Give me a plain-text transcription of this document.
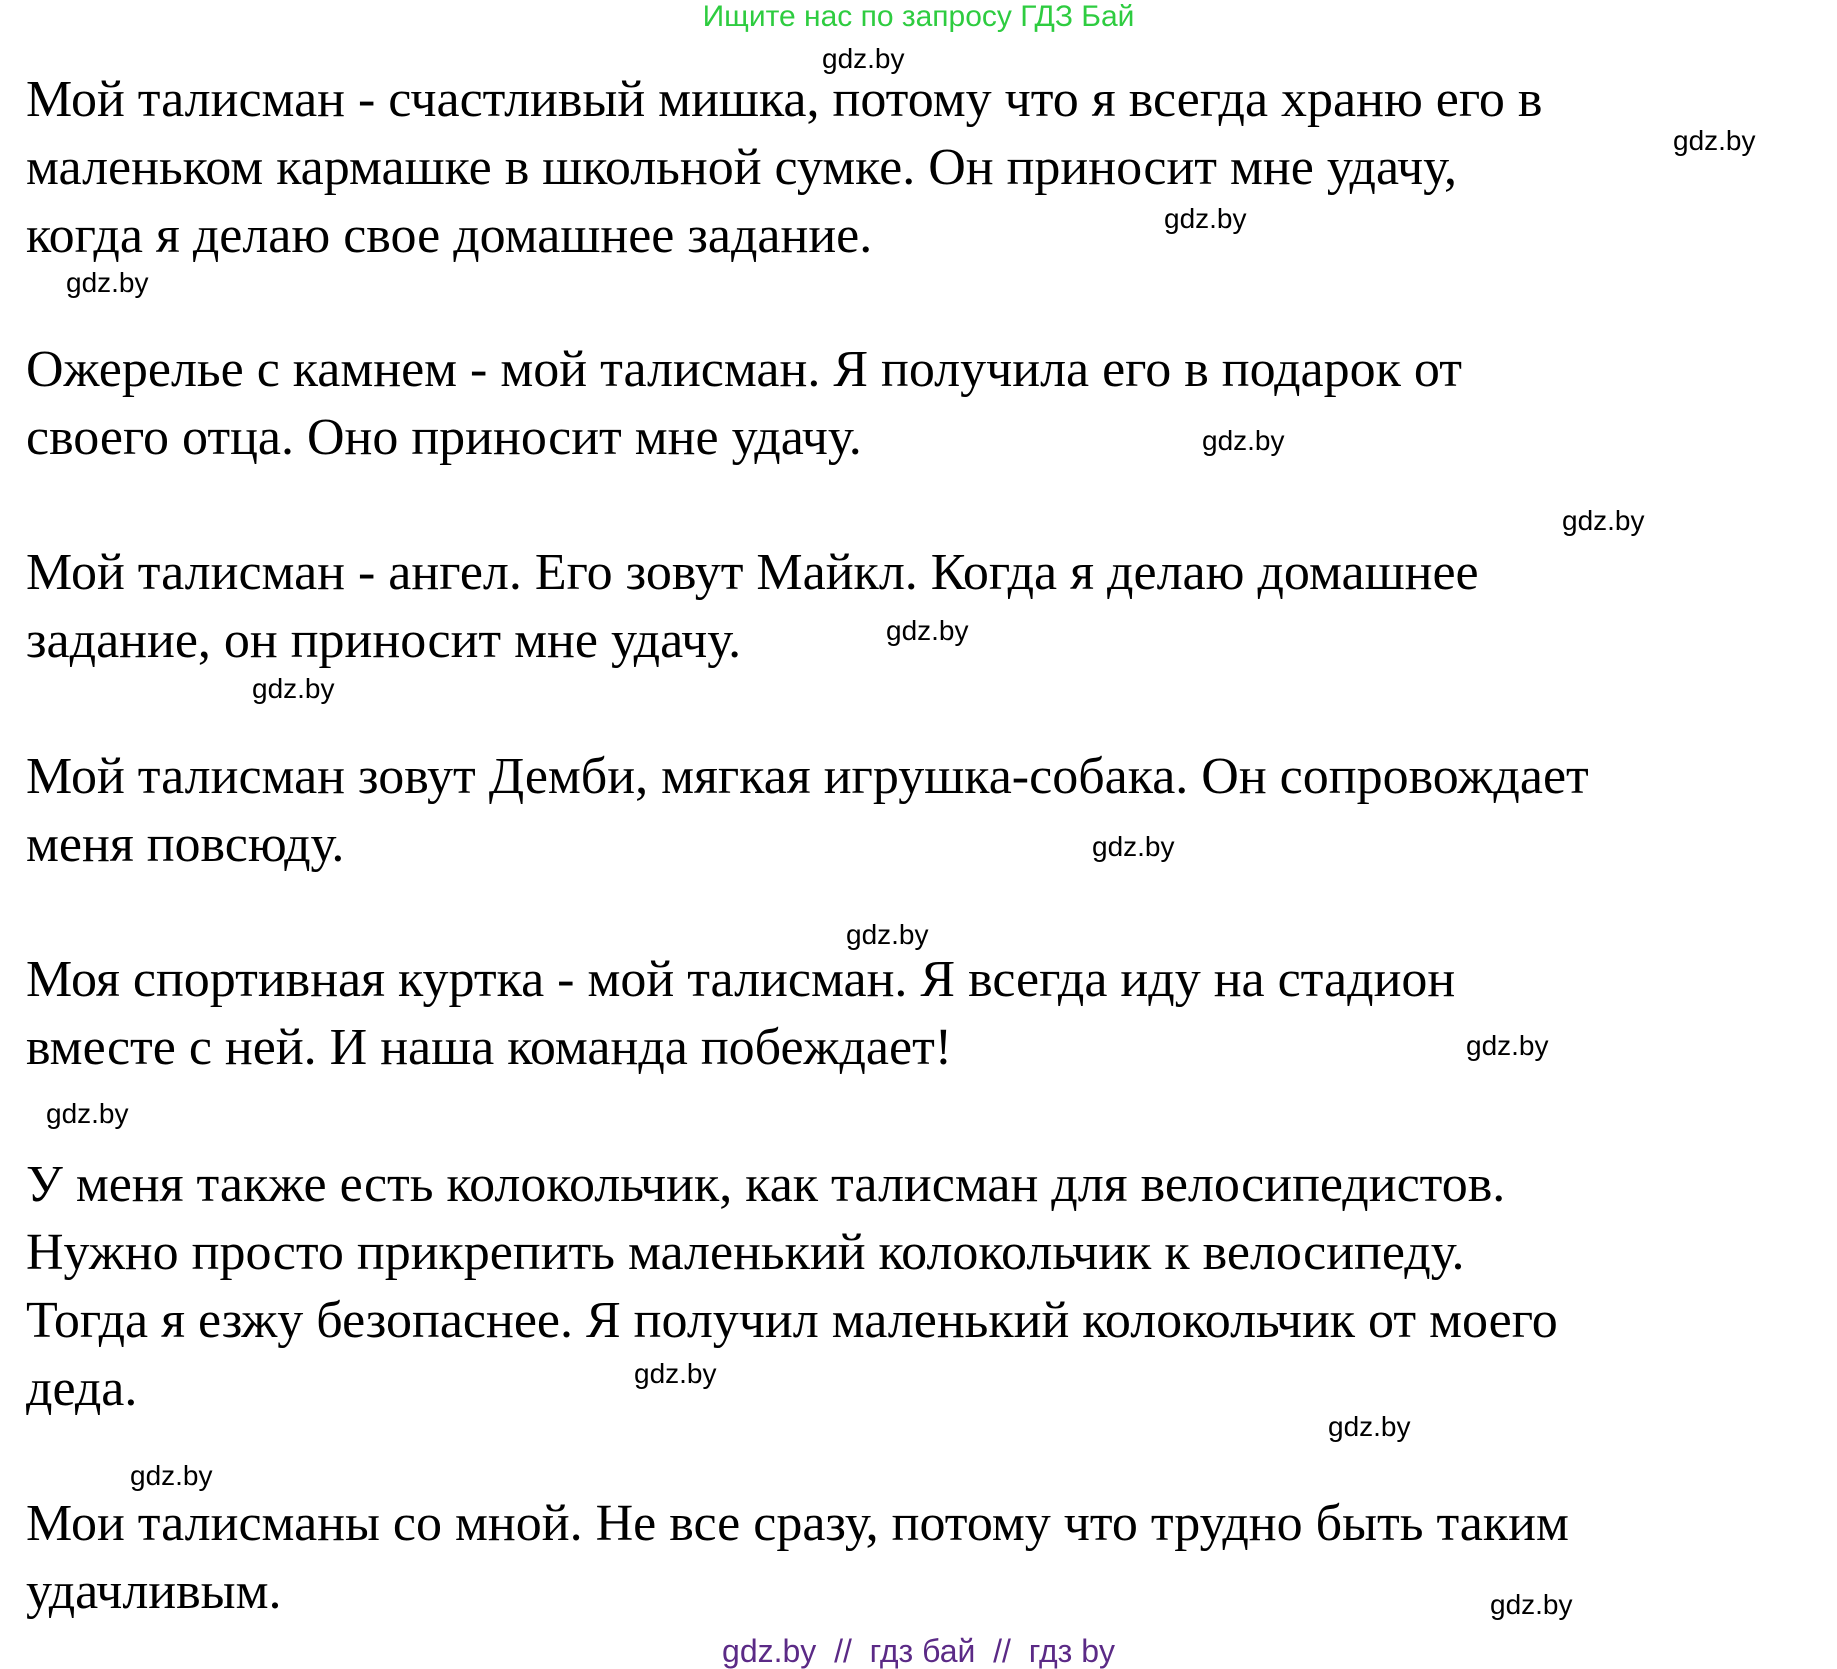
Ищите нас по запросу ГДЗ Бай
Мой талисман - счастливый мишка, потому что я всегда храню его в
маленьком кармашке в школьной сумке. Он приносит мне удачу,
когда я делаю свое домашнее задание.
Ожерелье с камнем - мой талисман. Я получила его в подарок от
своего отца. Оно приносит мне удачу.
Мой талисман - ангел. Его зовут Майкл. Когда я делаю домашнее
задание, он приносит мне удачу.
Мой талисман зовут Демби, мягкая игрушка-собака. Он сопровождает
меня повсюду.
Моя спортивная куртка - мой талисман. Я всегда иду на стадион
вместе с ней. И наша команда побеждает!
У меня также есть колокольчик, как талисман для велосипедистов.
Нужно просто прикрепить маленький колокольчик к велосипеду.
Тогда я езжу безопаснее. Я получил маленький колокольчик от моего
деда.
Мои талисманы со мной. Не все сразу, потому что трудно быть таким
удачливым.
gdz.by
gdz.by
gdz.by
gdz.by
gdz.by
gdz.by
gdz.by
gdz.by
gdz.by
gdz.by
gdz.by
gdz.by
gdz.by
gdz.by
gdz.by
gdz.by
gdz.by  //  гдз бай  //  гдз by
